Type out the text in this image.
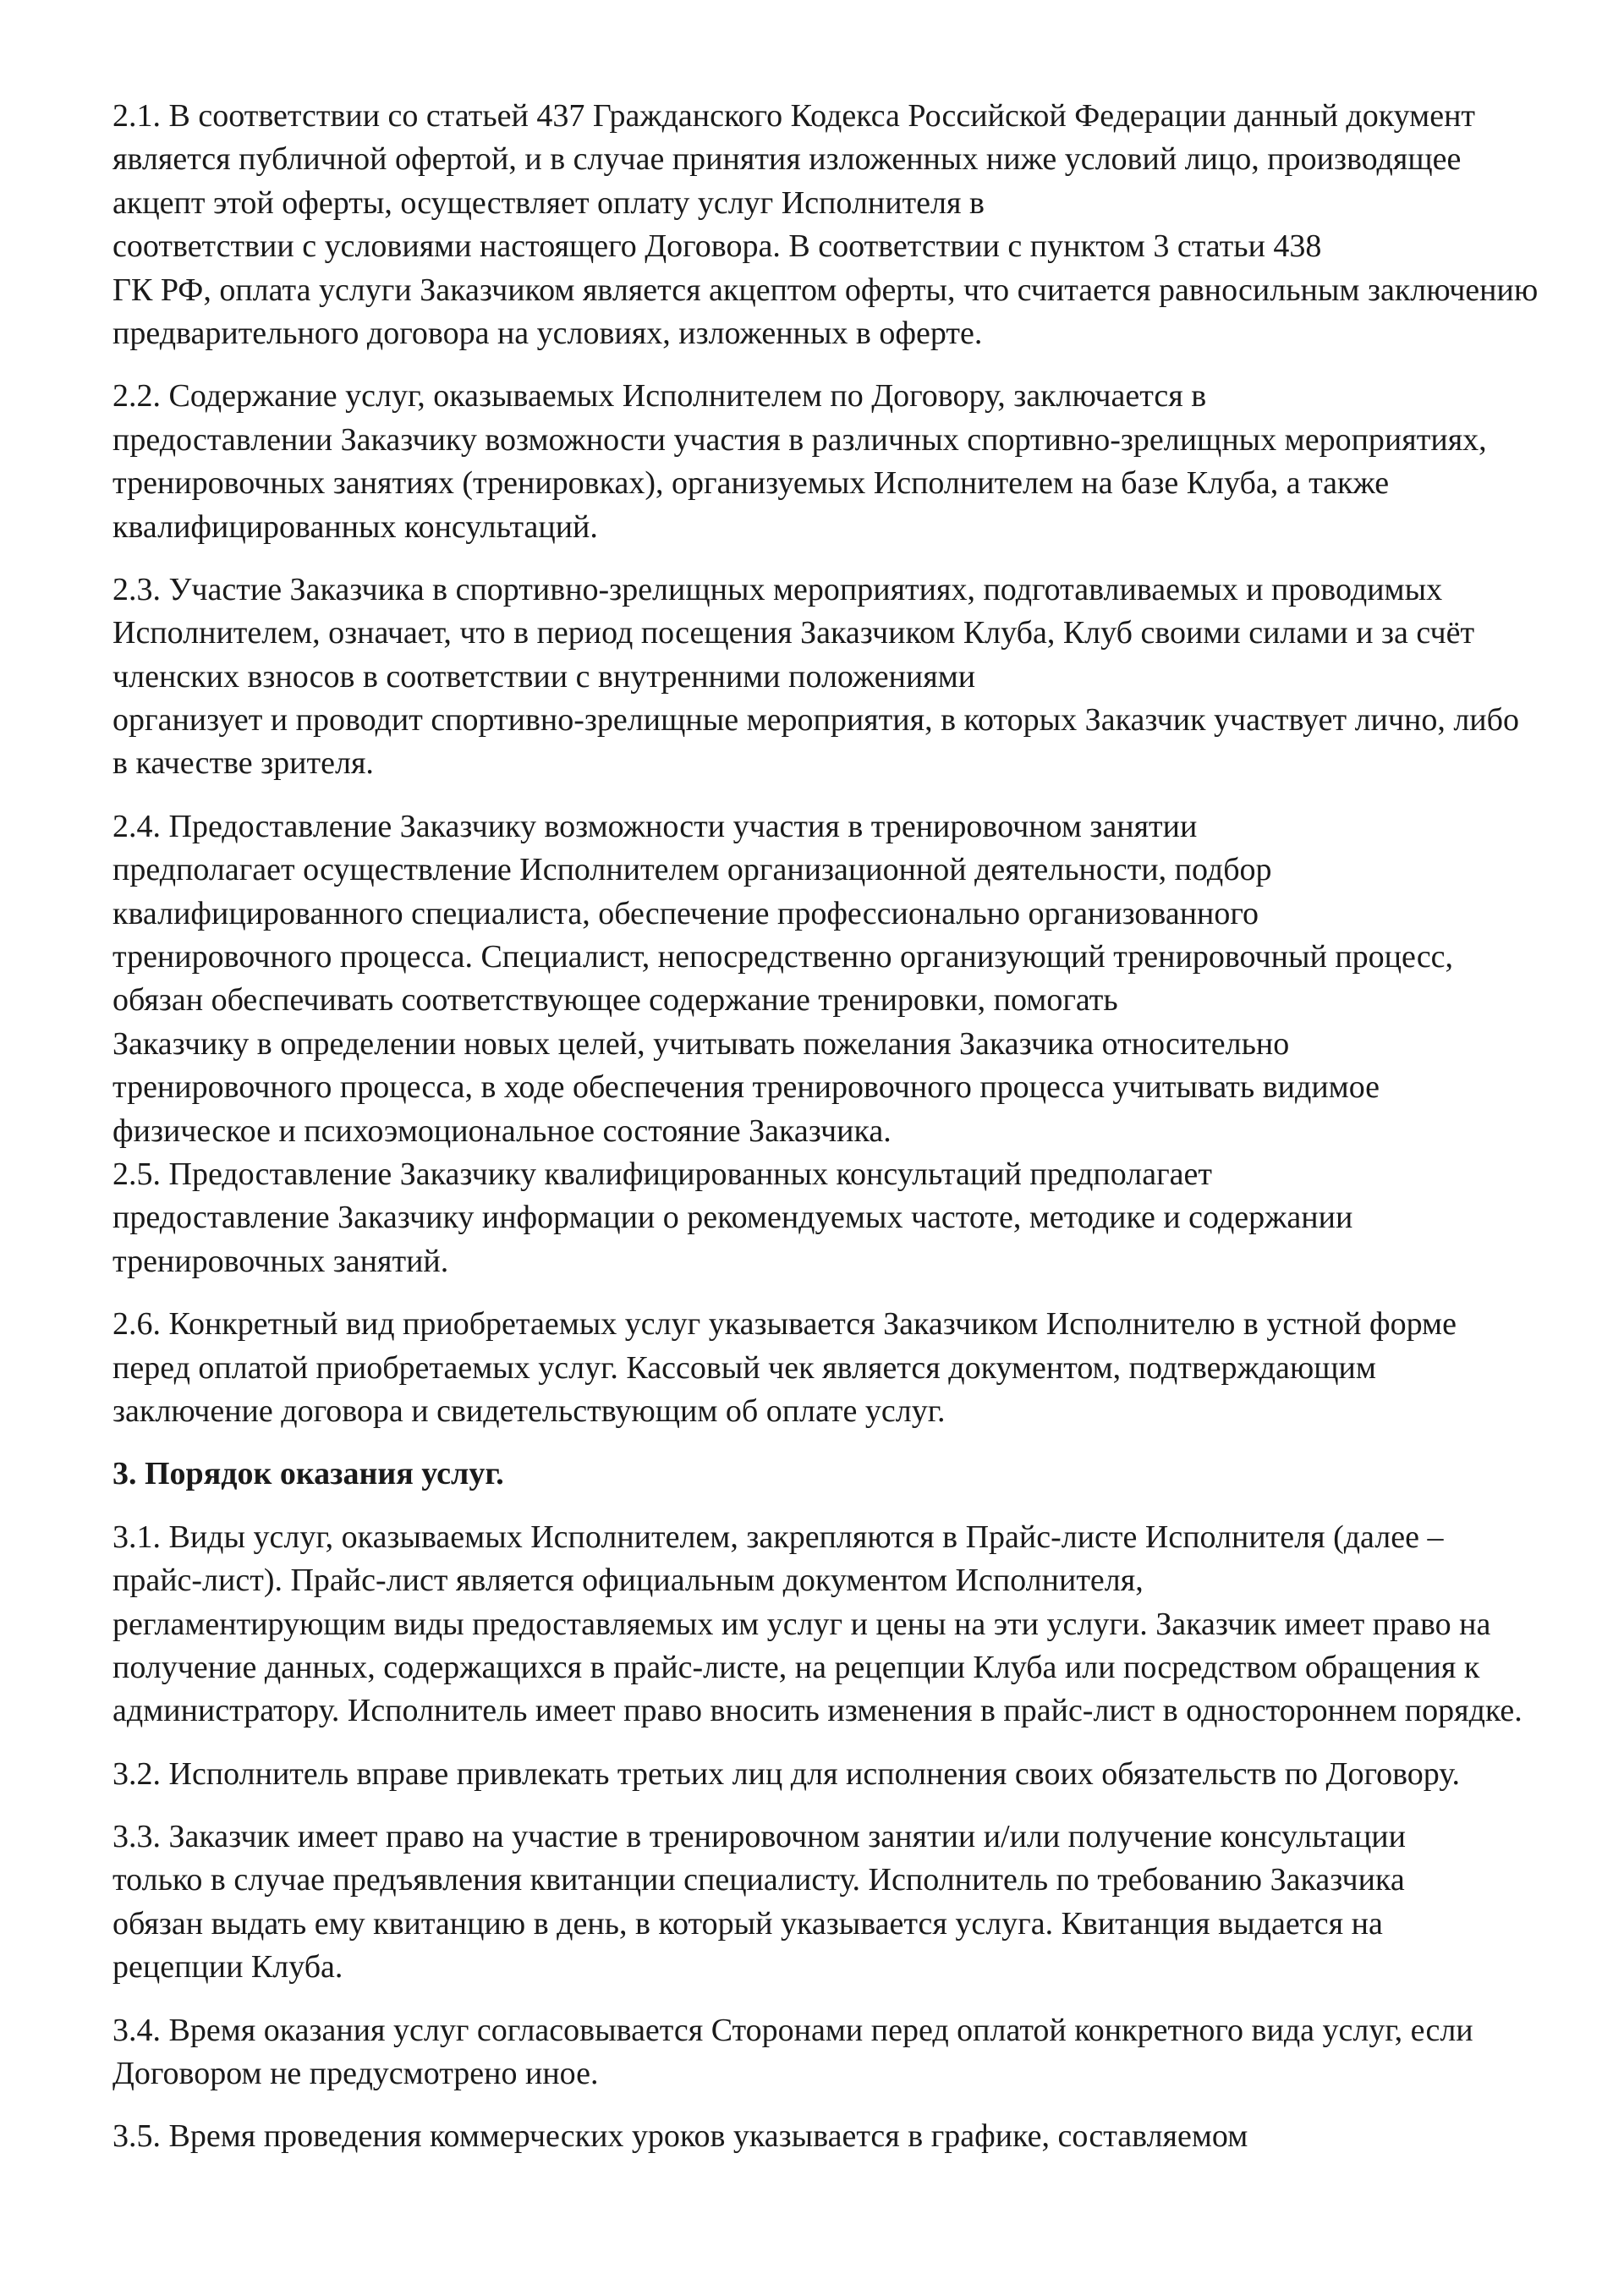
2.1. В соответствии со статьей 437 Гражданского Кодекса Российской Федерации данный документ
является публичной офертой, и в случае принятия изложенных ниже условий лицо, производящее
акцепт этой оферты, осуществляет оплату услуг Исполнителя в
соответствии с условиями настоящего Договора. В соответствии с пунктом 3 статьи 438
ГК РФ, оплата услуги Заказчиком является акцептом оферты, что считается равносильным заключению
предварительного договора на условиях, изложенных в оферте.
2.2. Содержание услуг, оказываемых Исполнителем по Договору, заключается в
предоставлении Заказчику возможности участия в различных спортивно-зрелищных мероприятиях,
тренировочных занятиях (тренировках), организуемых Исполнителем на базе Клуба, а также
квалифицированных консультаций.
2.3. Участие Заказчика в спортивно-зрелищных мероприятиях, подготавливаемых и проводимых
Исполнителем, означает, что в период посещения Заказчиком Клуба, Клуб своими силами и за счёт
членских взносов в соответствии с внутренними положениями
организует и проводит спортивно-зрелищные мероприятия, в которых Заказчик участвует лично, либо
в качестве зрителя.
2.4. Предоставление Заказчику возможности участия в тренировочном занятии
предполагает осуществление Исполнителем организационной деятельности, подбор
квалифицированного специалиста, обеспечение профессионально организованного
тренировочного процесса. Специалист, непосредственно организующий тренировочный процесс,
обязан обеспечивать соответствующее содержание тренировки, помогать
Заказчику в определении новых целей, учитывать пожелания Заказчика относительно
тренировочного процесса, в ходе обеспечения тренировочного процесса учитывать видимое
физическое и психоэмоциональное состояние Заказчика.
2.5. Предоставление Заказчику квалифицированных консультаций предполагает
предоставление Заказчику информации о рекомендуемых частоте, методике и содержании
тренировочных занятий.
2.6. Конкретный вид приобретаемых услуг указывается Заказчиком Исполнителю в устной форме
перед оплатой приобретаемых услуг. Кассовый чек является документом, подтверждающим
заключение договора и свидетельствующим об оплате услуг.
3. Порядок оказания услуг.
3.1. Виды услуг, оказываемых Исполнителем, закрепляются в Прайс-листе Исполнителя (далее –
прайс-лист). Прайс-лист является официальным документом Исполнителя,
регламентирующим виды предоставляемых им услуг и цены на эти услуги. Заказчик имеет право на
получение данных, содержащихся в прайс-листе, на рецепции Клуба или посредством обращения к
администратору. Исполнитель имеет право вносить изменения в прайс-лист в одностороннем порядке.
3.2. Исполнитель вправе привлекать третьих лиц для исполнения своих обязательств по Договору.
3.3. Заказчик имеет право на участие в тренировочном занятии и/или получение консультации
только в случае предъявления квитанции специалисту. Исполнитель по требованию Заказчика
обязан выдать ему квитанцию в день, в который указывается услуга. Квитанция выдается на
рецепции Клуба.
3.4. Время оказания услуг согласовывается Сторонами перед оплатой конкретного вида услуг, если
Договором не предусмотрено иное.
3.5. Время проведения коммерческих уроков указывается в графике, составляемом
